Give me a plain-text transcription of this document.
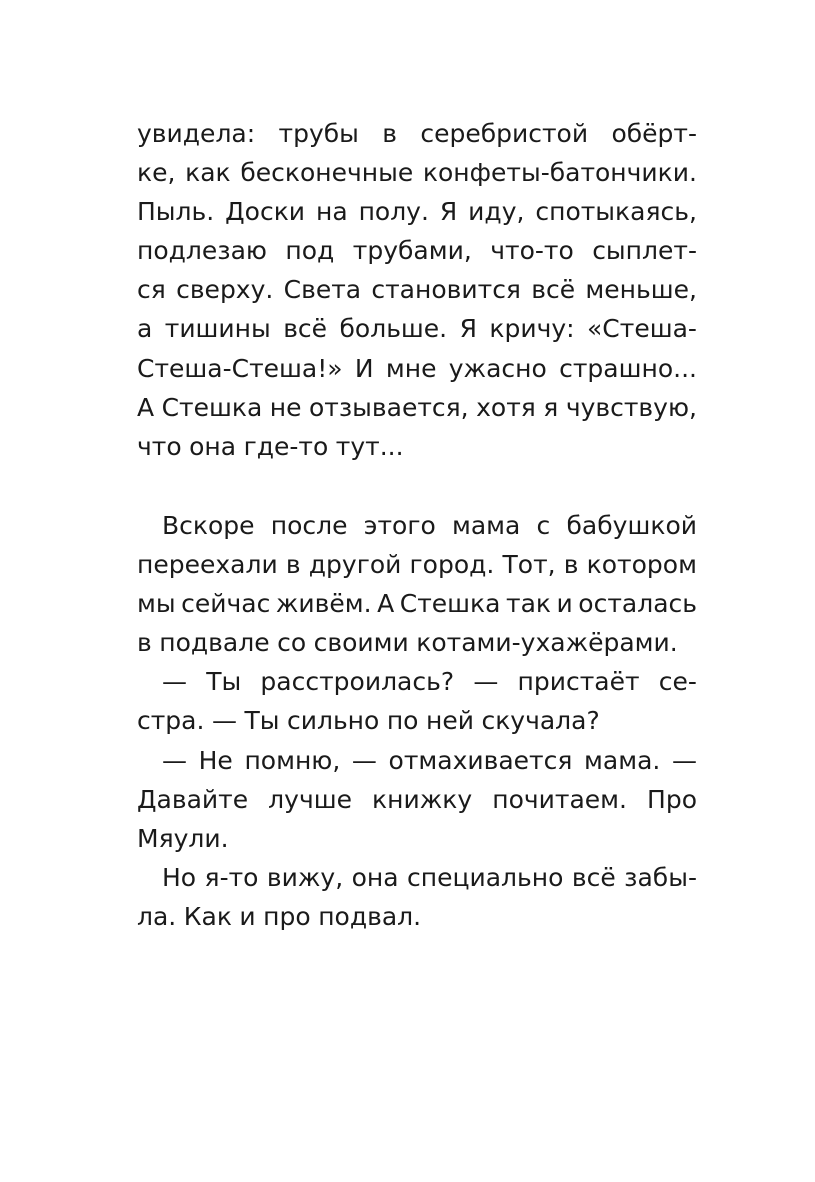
увидела: трубы в серебристой обёрт-
ке, как бесконечные конфеты-батончики.
Пыль. Доски на полу. Я иду, спотыкаясь,
подлезаю под трубами, что-то сыплет-
ся сверху. Света становится всё меньше,
а тишины всё больше. Я кричу: «Стеша-
Стеша-Стеша!» И мне ужасно страшно...
А Стешка не отзывается, хотя я чувствую,
что она где-то тут...
Вскоре после этого мама с бабушкой
переехали в другой город. Тот, в котором
мы сейчас живём. А Стешка так и осталась
в подвале со своими котами-ухажёрами.
— Ты расстроилась? — пристаёт се-
стра. — Ты сильно по ней скучала?
— Не помню, — отмахивается мама. —
Давайте лучше книжку почитаем. Про
Мяули.
Но я-то вижу, она специально всё забы-
ла. Как и про подвал.
